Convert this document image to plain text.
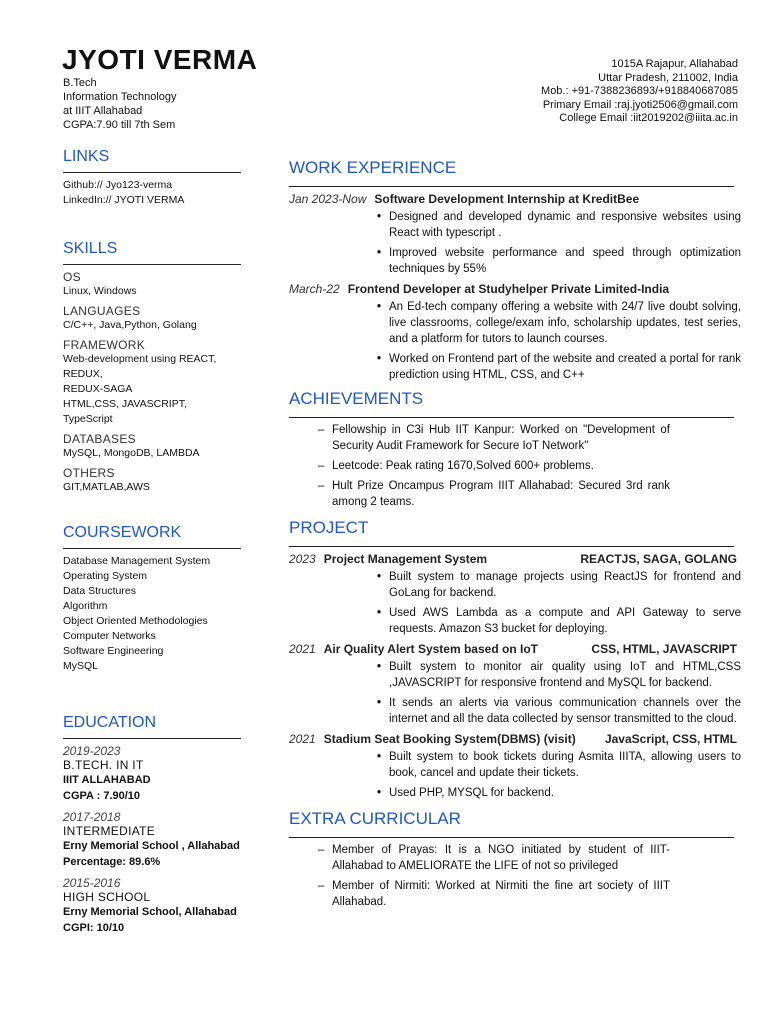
JYOTI VERMA
B.Tech
Information Technology
at IIIT Allahabad
CGPA:7.90 till 7th Sem
1015A Rajapur, Allahabad
Uttar Pradesh, 211002, India
Mob.: +91-7388236893/+918840687085
Primary Email :raj.jyoti2506@gmail.com
College Email :iit2019202@iiita.ac.in
LINKS
Github:// Jyo123-verma
LinkedIn:// JYOTI VERMA
SKILLS
OS
Linux, Windows
LANGUAGES
C/C++, Java,Python, Golang
FRAMEWORK
Web-development using REACT, REDUX,
REDUX-SAGA
HTML,CSS, JAVASCRIPT,
TypeScript
DATABASES
MySQL, MongoDB, LAMBDA
OTHERS
GIT,MATLAB,AWS
COURSEWORK
Database Management System
Operating System
Data Structures
Algorithm
Object Oriented Methodologies
Computer Networks
Software Engineering
MySQL
EDUCATION
2019-2023
B.TECH. IN IT
IIIT ALLAHABAD
CGPA : 7.90/10
2017-2018
INTERMEDIATE
Erny Memorial School , Allahabad
Percentage: 89.6%
2015-2016
HIGH SCHOOL
Erny Memorial School, Allahabad
CGPI: 10/10
WORK EXPERIENCE
Jan 2023-Now Software Development Internship at KreditBee
• Designed and developed dynamic and responsive websites using React with typescript .
• Improved website performance and speed through optimization techniques by 55%
March-22 Frontend Developer at Studyhelper Private Limited-India
• An Ed-tech company offering a website with 24/7 live doubt solving, live classrooms, college/exam info, scholarship updates, test series, and a platform for tutors to launch courses.
• Worked on Frontend part of the website and created a portal for rank prediction using HTML, CSS, and C++
ACHIEVEMENTS
– Fellowship in C3i Hub IIT Kanpur: Worked on "Development of Security Audit Framework for Secure IoT Network"
– Leetcode: Peak rating 1670,Solved 600+ problems.
– Hult Prize Oncampus Program IIIT Allahabad: Secured 3rd rank among 2 teams.
PROJECT
2023 Project Management System	REACTJS, SAGA, GOLANG
• Built system to manage projects using ReactJS for frontend and GoLang for backend.
• Used AWS Lambda as a compute and API Gateway to serve requests. Amazon S3 bucket for deploying.
2021 Air Quality Alert System based on IoT	CSS, HTML, JAVASCRIPT
• Built system to monitor air quality using IoT and HTML,CSS ,JAVASCRIPT for responsive frontend and MySQL for backend.
• It sends an alerts via various communication channels over the internet and all the data collected by sensor transmitted to the cloud.
2021 Stadium Seat Booking System(DBMS) (visit) JavaScript, CSS, HTML
• Built system to book tickets during Asmita IIITA, allowing users to book, cancel and update their tickets.
• Used PHP, MYSQL for backend.
EXTRA CURRICULAR
– Member of Prayas: It is a NGO initiated by student of IIIT-Allahabad to AMELIORATE the LIFE of not so privileged
– Member of Nirmiti: Worked at Nirmiti the fine art society of IIIT Allahabad.
